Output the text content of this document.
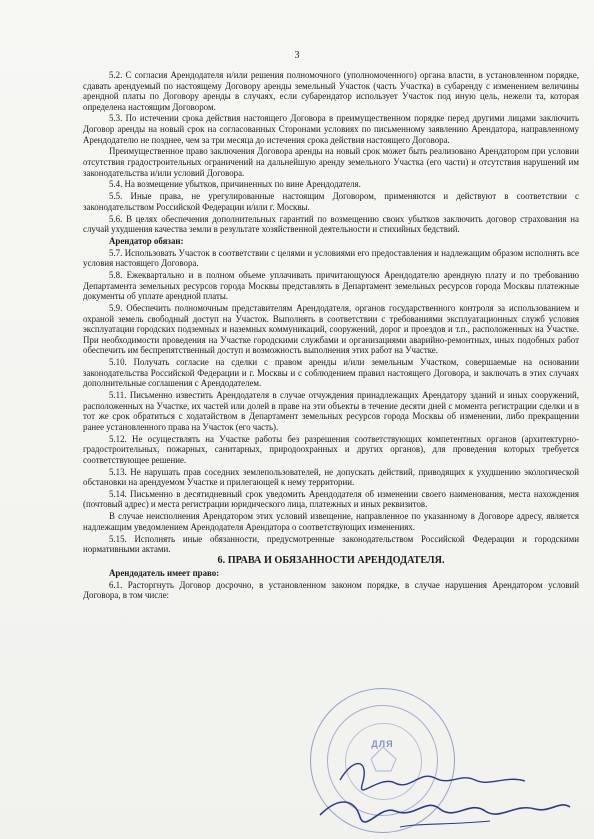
3

5.2. С согласия Арендодателя и/или решения полномочного (уполномоченного) органа власти, в установленном порядке, сдавать арендуемый по настоящему Договору аренды земельный Участок (часть Участка) в субаренду с изменением величины арендной платы по Договору аренды в случаях, если субарендатор использует Участок под иную цель, нежели та, которая определена настоящим Договором.

5.3. По истечении срока действия настоящего Договора в преимущественном порядке перед другими лицами заключить Договор аренды на новый срок на согласованных Сторонами условиях по письменному заявлению Арендатора, направленному Арендодателю не позднее, чем за три месяца до истечения срока действия настоящего Договора.

Преимущественное право заключения Договора аренды на новый срок может быть реализовано Арендатором при условии отсутствия градостроительных ограничений на дальнейшую аренду земельного Участка (его части) и отсутствия нарушений им законодательства и/или условий Договора.

5.4. На возмещение убытков, причиненных по вине Арендодателя.

5.5. Иные права, не урегулированные настоящим Договором, применяются и действуют в соответствии с законодательством Российской Федерации и/или г. Москвы.

5.6. В целях обеспечения дополнительных гарантий по возмещению своих убытков заключить договор страхования на случай ухудшения качества земли в результате хозяйственной деятельности и стихийных бедствий.

Арендатор обязан:

5.7. Использовать Участок в соответствии с целями и условиями его предоставления и надлежащим образом исполнять все условия настоящего Договора.

5.8. Ежеквартально и в полном объеме уплачивать причитающуюся Арендодателю арендную плату и по требованию Департамента земельных ресурсов города Москвы представлять в Департамент земельных ресурсов города Москвы платежные документы об уплате арендной платы.

5.9. Обеспечить полномочным представителям Арендодателя, органов государственного контроля за использованием и охраной земель свободный доступ на Участок. Выполнять в соответствии с требованиями эксплуатационных служб условия эксплуатации городских подземных и наземных коммуникаций, сооружений, дорог и проездов и т.п., расположенных на Участке. При необходимости проведения на Участке городскими службами и организациями аварийно-ремонтных, иных подобных работ обеспечить им беспрепятственный доступ и возможность выполнения этих работ на Участке.

5.10. Получать согласие на сделки с правом аренды и/или земельным Участком, совершаемые на основании законодательства Российской Федерации и г. Москвы и с соблюдением правил настоящего Договора, и заключать в этих случаях дополнительные соглашения с Арендодателем.

5.11. Письменно известить Арендодателя в случае отчуждения принадлежащих Арендатору зданий и иных сооружений, расположенных на Участке, их частей или долей в праве на эти объекты в течение десяти дней с момента регистрации сделки и в тот же срок обратиться с ходатайством в Департамент земельных ресурсов города Москвы об изменении, либо прекращении ранее установленного права на Участок (его часть).

5.12. Не осуществлять на Участке работы без разрешения соответствующих компетентных органов (архитектурно-градостроительных, пожарных, санитарных, природоохранных и других органов), для проведения которых требуется соответствующее решение.

5.13. Не нарушать прав соседних землепользователей, не допускать действий, приводящих к ухудшению экологической обстановки на арендуемом Участке и прилегающей к нему территории.

5.14. Письменно в десятидневный срок уведомить Арендодателя об изменении своего наименования, места нахождения (почтовый адрес) и места регистрации юридического лица, платежных и иных реквизитов.

В случае неисполнения Арендатором этих условий извещение, направленное по указанному в Договоре адресу, является надлежащим уведомлением Арендодателя Арендатора о соответствующих изменениях.

5.15. Исполнять иные обязанности, предусмотренные законодательством Российской Федерации и городскими нормативными актами.

6. ПРАВА И ОБЯЗАННОСТИ АРЕНДОДАТЕЛЯ.

Арендодатель имеет право:

6.1. Расторгнуть Договор досрочно, в установленном законом порядке, в случае нарушения Арендатором условий Договора, в том числе:

ДЛЯ
